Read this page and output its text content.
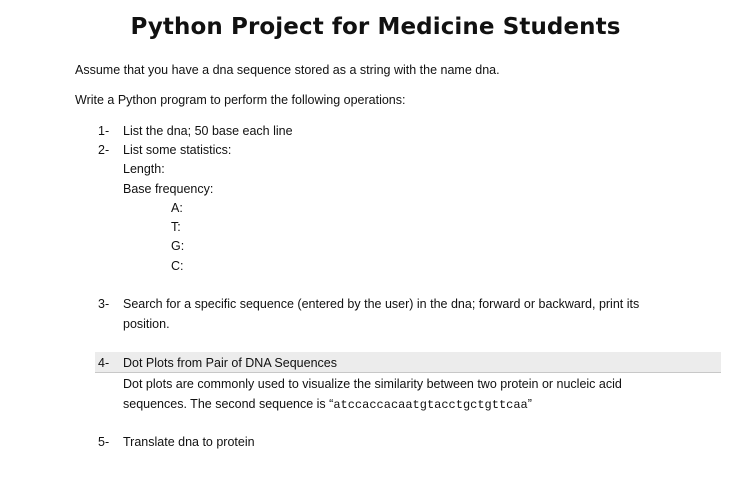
Python Project for Medicine Students
Assume that you have a dna sequence stored as a string with the name dna.
Write a Python program to perform the following operations:
1- List the dna; 50 base each line
2- List some statistics:
Length:
Base frequency:
A:
T:
G:
C:
3- Search for a specific sequence (entered by the user) in the dna; forward or backward, print its
position.
4- Dot Plots from Pair of DNA Sequences
Dot plots are commonly used to visualize the similarity between two protein or nucleic acid
sequences. The second sequence is “atccaccacaatgtacctgctgttcaa”
5- Translate dna to protein
